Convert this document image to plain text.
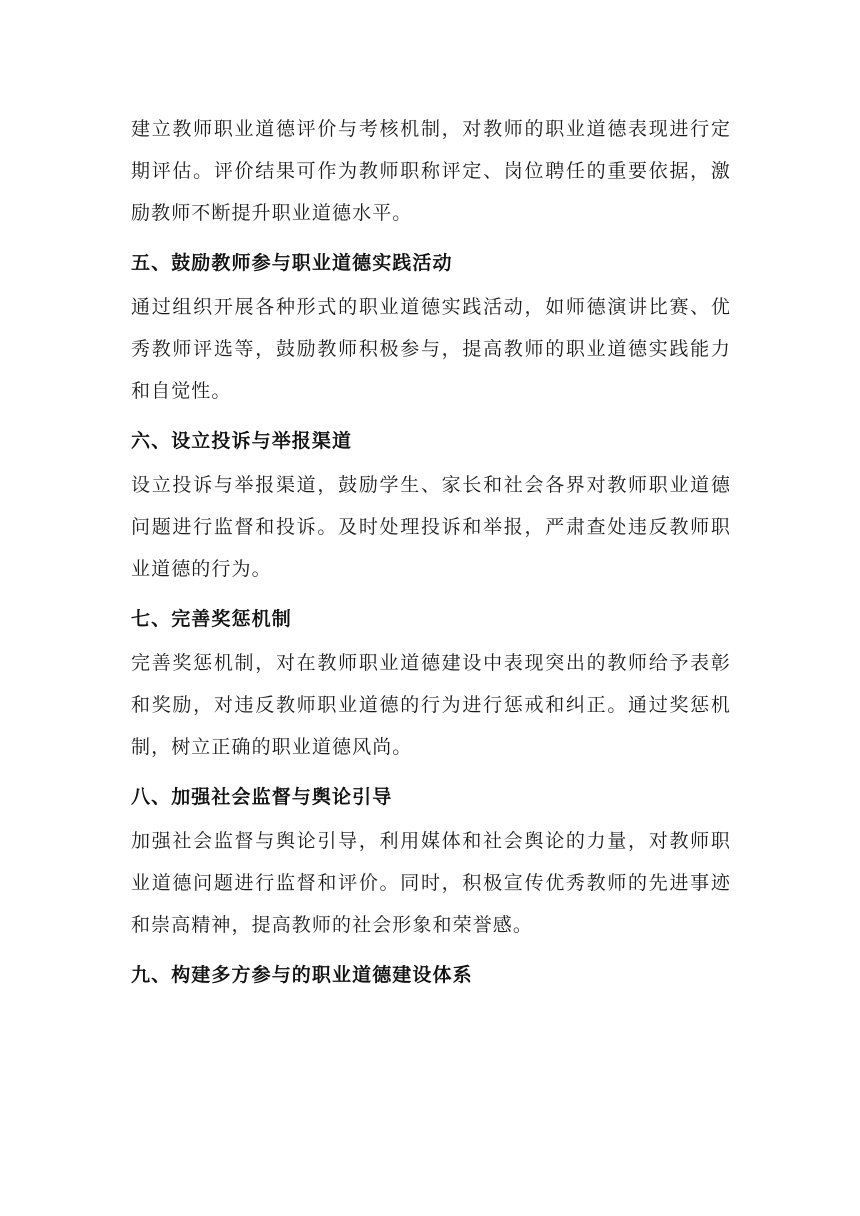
建立教师职业道德评价与考核机制，对教师的职业道德表现进行定期评估。评价结果可作为教师职称评定、岗位聘任的重要依据，激励教师不断提升职业道德水平。

五、鼓励教师参与职业道德实践活动

通过组织开展各种形式的职业道德实践活动，如师德演讲比赛、优秀教师评选等，鼓励教师积极参与，提高教师的职业道德实践能力和自觉性。

六、设立投诉与举报渠道

设立投诉与举报渠道，鼓励学生、家长和社会各界对教师职业道德问题进行监督和投诉。及时处理投诉和举报，严肃查处违反教师职业道德的行为。

七、完善奖惩机制

完善奖惩机制，对在教师职业道德建设中表现突出的教师给予表彰和奖励，对违反教师职业道德的行为进行惩戒和纠正。通过奖惩机制，树立正确的职业道德风尚。

八、加强社会监督与舆论引导

加强社会监督与舆论引导，利用媒体和社会舆论的力量，对教师职业道德问题进行监督和评价。同时，积极宣传优秀教师的先进事迹和崇高精神，提高教师的社会形象和荣誉感。

九、构建多方参与的职业道德建设体系
